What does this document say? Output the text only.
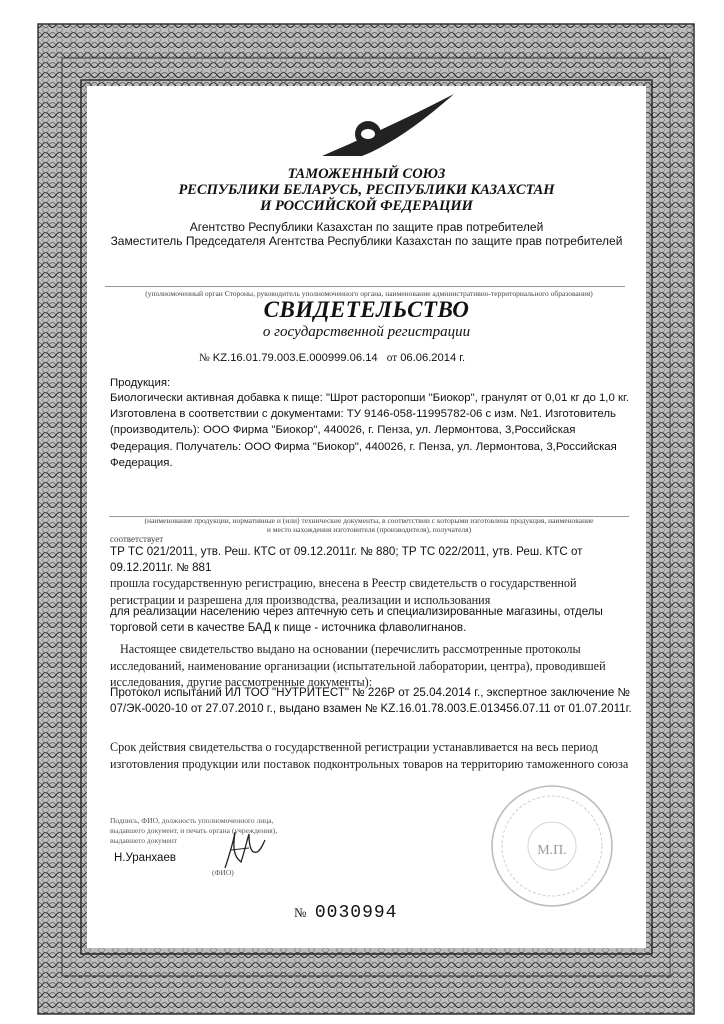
ТАМОЖЕННЫЙ СОЮЗ

РЕСПУБЛИКИ БЕЛАРУСЬ, РЕСПУБЛИКИ КАЗАХСТАН

И РОССИЙСКОЙ ФЕДЕРАЦИИ

Агентство Республики Казахстан по защите прав потребителей

Заместитель Председателя Агентства Республики Казахстан по защите прав потребителей

(уполномоченный орган Стороны, руководитель уполномоченного органа, наименование административно-территориального образования)

СВИДЕТЕЛЬСТВО

о государственной регистрации

№ KZ.16.01.79.003.E.000999.06.14 от 06.06.2014 г.

Продукция:

Биологически активная добавка к пище: "Шрот расторопши "Биокор", гранулят от 0,01 кг до 1,0 кг. Изготовлена в соответствии с документами: ТУ 9146-058-11995782-06 с изм. №1. Изготовитель (производитель): ООО Фирма "Биокор", 440026, г. Пенза, ул. Лермонтова, 3,Российская Федерация. Получатель: ООО Фирма "Биокор", 440026, г. Пенза, ул. Лермонтова, 3,Российская Федерация.

(наименование продукции, нормативные и (или) технические документы, в соответствии с которыми изготовлена продукция, наименование

и место нахождения изготовителя (производителя), получателя)

соответствует

ТР ТС 021/2011, утв. Реш. КТС от 09.12.2011г. № 880; ТР ТС 022/2011, утв. Реш. КТС от 09.12.2011г. № 881

прошла государственную регистрацию, внесена в Реестр свидетельств о государственной регистрации и разрешена для производства, реализации и использования

для реализации населению через аптечную сеть и специализированные магазины, отделы торговой сети в качестве БАД к пище - источника флаволигнанов.

Настоящее свидетельство выдано на основании (перечислить рассмотренные протоколы исследований, наименование организации (испытательной лаборатории, центра), проводившей исследования, другие рассмотренные документы):

Протокол испытаний ИЛ ТОО "НУТРИТЕСТ" № 226Р от 25.04.2014 г., экспертное заключение № 07/ЭК-0020-10 от 27.07.2010 г., выдано взамен № KZ.16.01.78.003.E.013456.07.11 от 01.07.2011г.

Срок действия свидетельства о государственной регистрации устанавливается на весь период изготовления продукции или поставок подконтрольных товаров на территорию таможенного союза

Подпись, ФИО, должность уполномоченного лица,

выдавшего документ, и печать органа (учреждения),

выдавшего документ

Н.Уранхаев

(ФИО)

М.П.
№ 0030994
